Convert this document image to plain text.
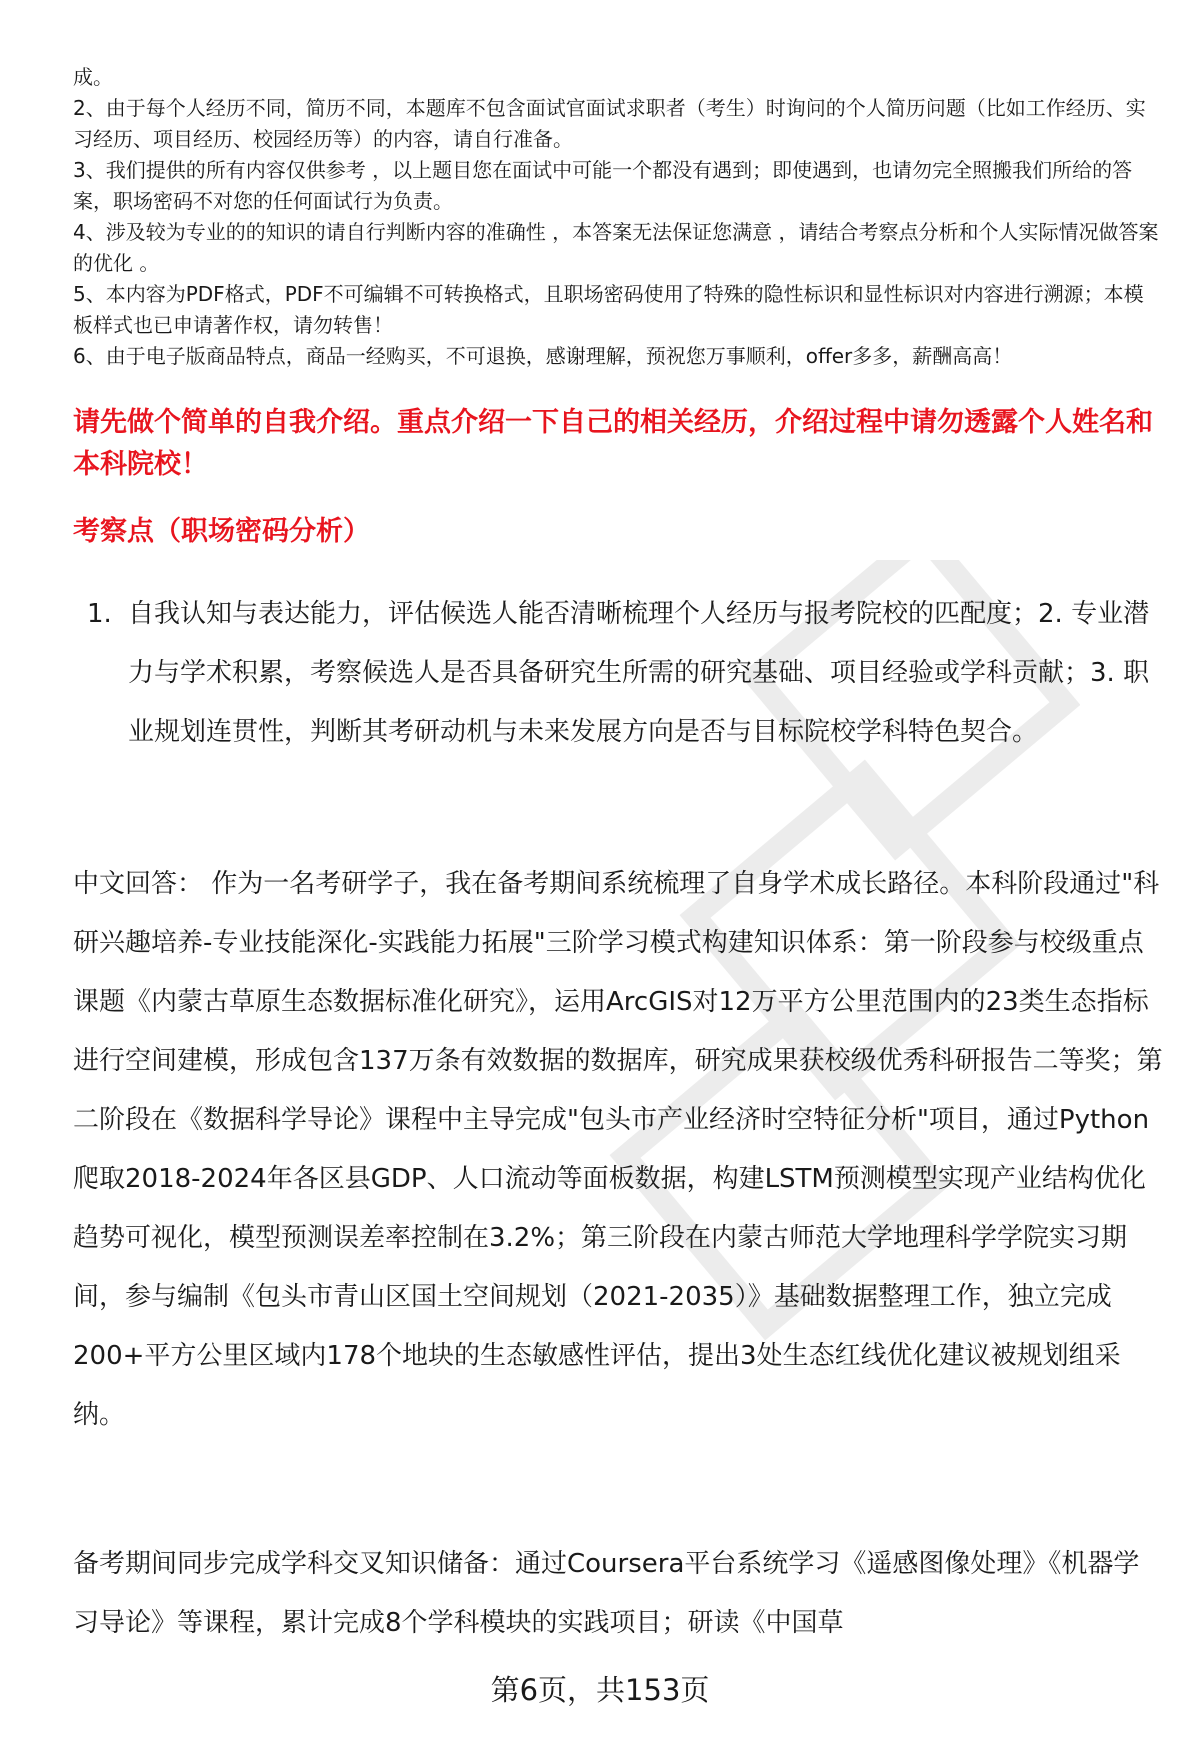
成。

2、由于每个人经历不同，简历不同，本题库不包含面试官面试求职者（考生）时询问的个人简历问题（比如工作经历、实习经历、项目经历、校园经历等）的内容，请自行准备。

3、我们提供的所有内容仅供参考 ，以上题目您在面试中可能一个都没有遇到；即使遇到，也请勿完全照搬我们所给的答案，职场密码不对您的任何面试行为负责。

4、涉及较为专业的的知识的请自行判断内容的准确性 ，本答案无法保证您满意 ，请结合考察点分析和个人实际情况做答案的优化 。

5、本内容为PDF格式，PDF不可编辑不可转换格式，且职场密码使用了特殊的隐性标识和显性标识对内容进行溯源；本模板样式也已申请著作权，请勿转售！

6、由于电子版商品特点，商品一经购买，不可退换，感谢理解，预祝您万事顺利，offer多多，薪酬高高！

请先做个简单的自我介绍。重点介绍一下自己的相关经历，介绍过程中请勿透露个人姓名和本科院校！
考察点（职场密码分析）
1. 自我认知与表达能力，评估候选人能否清晰梳理个人经历与报考院校的匹配度；2. 专业潜力与学术积累，考察候选人是否具备研究生所需的研究基础、项目经验或学科贡献；3. 职业规划连贯性，判断其考研动机与未来发展方向是否与目标院校学科特色契合。

中文回答： 作为一名考研学子，我在备考期间系统梳理了自身学术成长路径。本科阶段通过"科研兴趣培养-专业技能深化-实践能力拓展"三阶学习模式构建知识体系：第一阶段参与校级重点课题《内蒙古草原生态数据标准化研究》，运用ArcGIS对12万平方公里范围内的23类生态指标进行空间建模，形成包含137万条有效数据的数据库，研究成果获校级优秀科研报告二等奖；第二阶段在《数据科学导论》课程中主导完成"包头市产业经济时空特征分析"项目，通过Python爬取2018-2024年各区县GDP、人口流动等面板数据，构建LSTM预测模型实现产业结构优化趋势可视化，模型预测误差率控制在3.2%；第三阶段在内蒙古师范大学地理科学学院实习期间，参与编制《包头市青山区国土空间规划（2021-2035）》基础数据整理工作，独立完成200+平方公里区域内178个地块的生态敏感性评估，提出3处生态红线优化建议被规划组采纳。

备考期间同步完成学科交叉知识储备：通过Coursera平台系统学习《遥感图像处理》《机器学习导论》等课程，累计完成8个学科模块的实践项目；研读《中国草

第6页，共153页
